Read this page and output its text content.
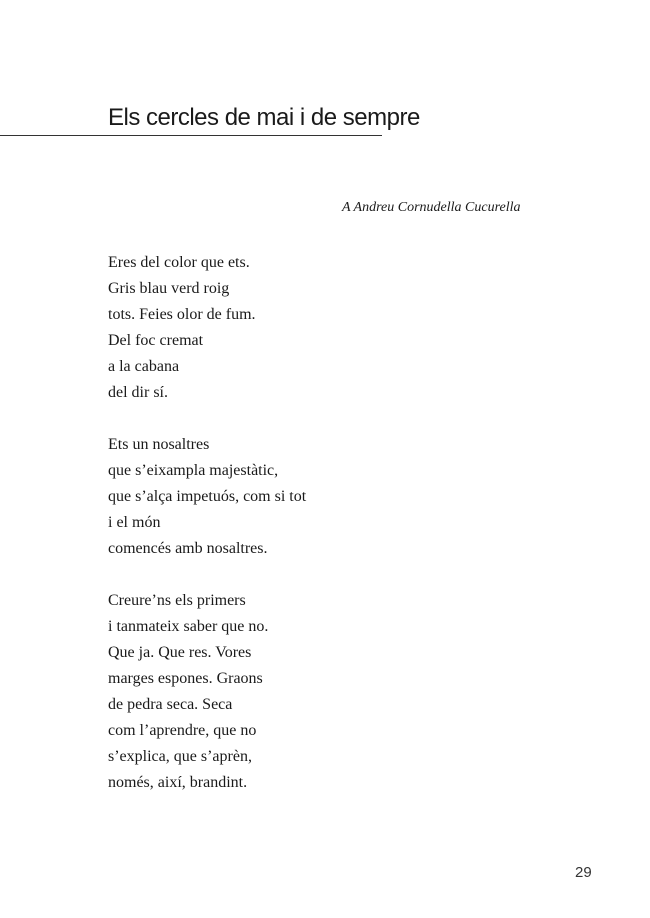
Els cercles de mai i de sempre
A Andreu Cornudella Cucurella
Eres del color que ets.
Gris blau verd roig
tots. Feies olor de fum.
Del foc cremat
a la cabana
del dir sí.
Ets un nosaltres
que s’eixampla majestàtic,
que s’alça impetuós, com si tot
i el món
comencés amb nosaltres.
Creure’ns els primers
i tanmateix saber que no.
Que ja. Que res. Vores
marges espones. Graons
de pedra seca. Seca
com l’aprendre, que no
s’explica, que s’aprèn,
només, així, brandint.
29
